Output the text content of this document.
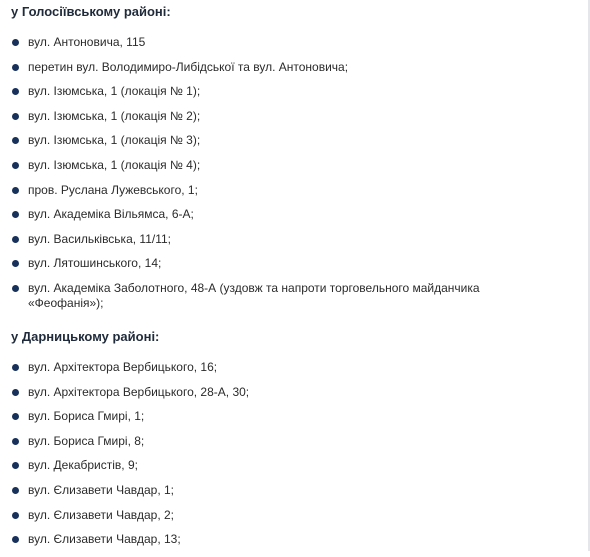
у Голосіївському районі:

вул. Антоновича, 115
перетин вул. Володимиро-Либідської та вул. Антоновича;
вул. Ізюмська, 1 (локація № 1);
вул. Ізюмська, 1 (локація № 2);
вул. Ізюмська, 1 (локація № 3);
вул. Ізюмська, 1 (локація № 4);
пров. Руслана Лужевського, 1;
вул. Академіка Вільямса, 6-А;
вул. Васильківська, 11/11;
вул. Лятошинського, 14;
вул. Академіка Заболотного, 48-А (уздовж та напроти торговельного майданчика «Феофанія»);

у Дарницькому районі:

вул. Архітектора Вербицького, 16;
вул. Архітектора Вербицького, 28-А, 30;
вул. Бориса Гмирі, 1;
вул. Бориса Гмирі, 8;
вул. Декабристів, 9;
вул. Єлизавети Чавдар, 1;
вул. Єлизавети Чавдар, 2;
вул. Єлизавети Чавдар, 13;
